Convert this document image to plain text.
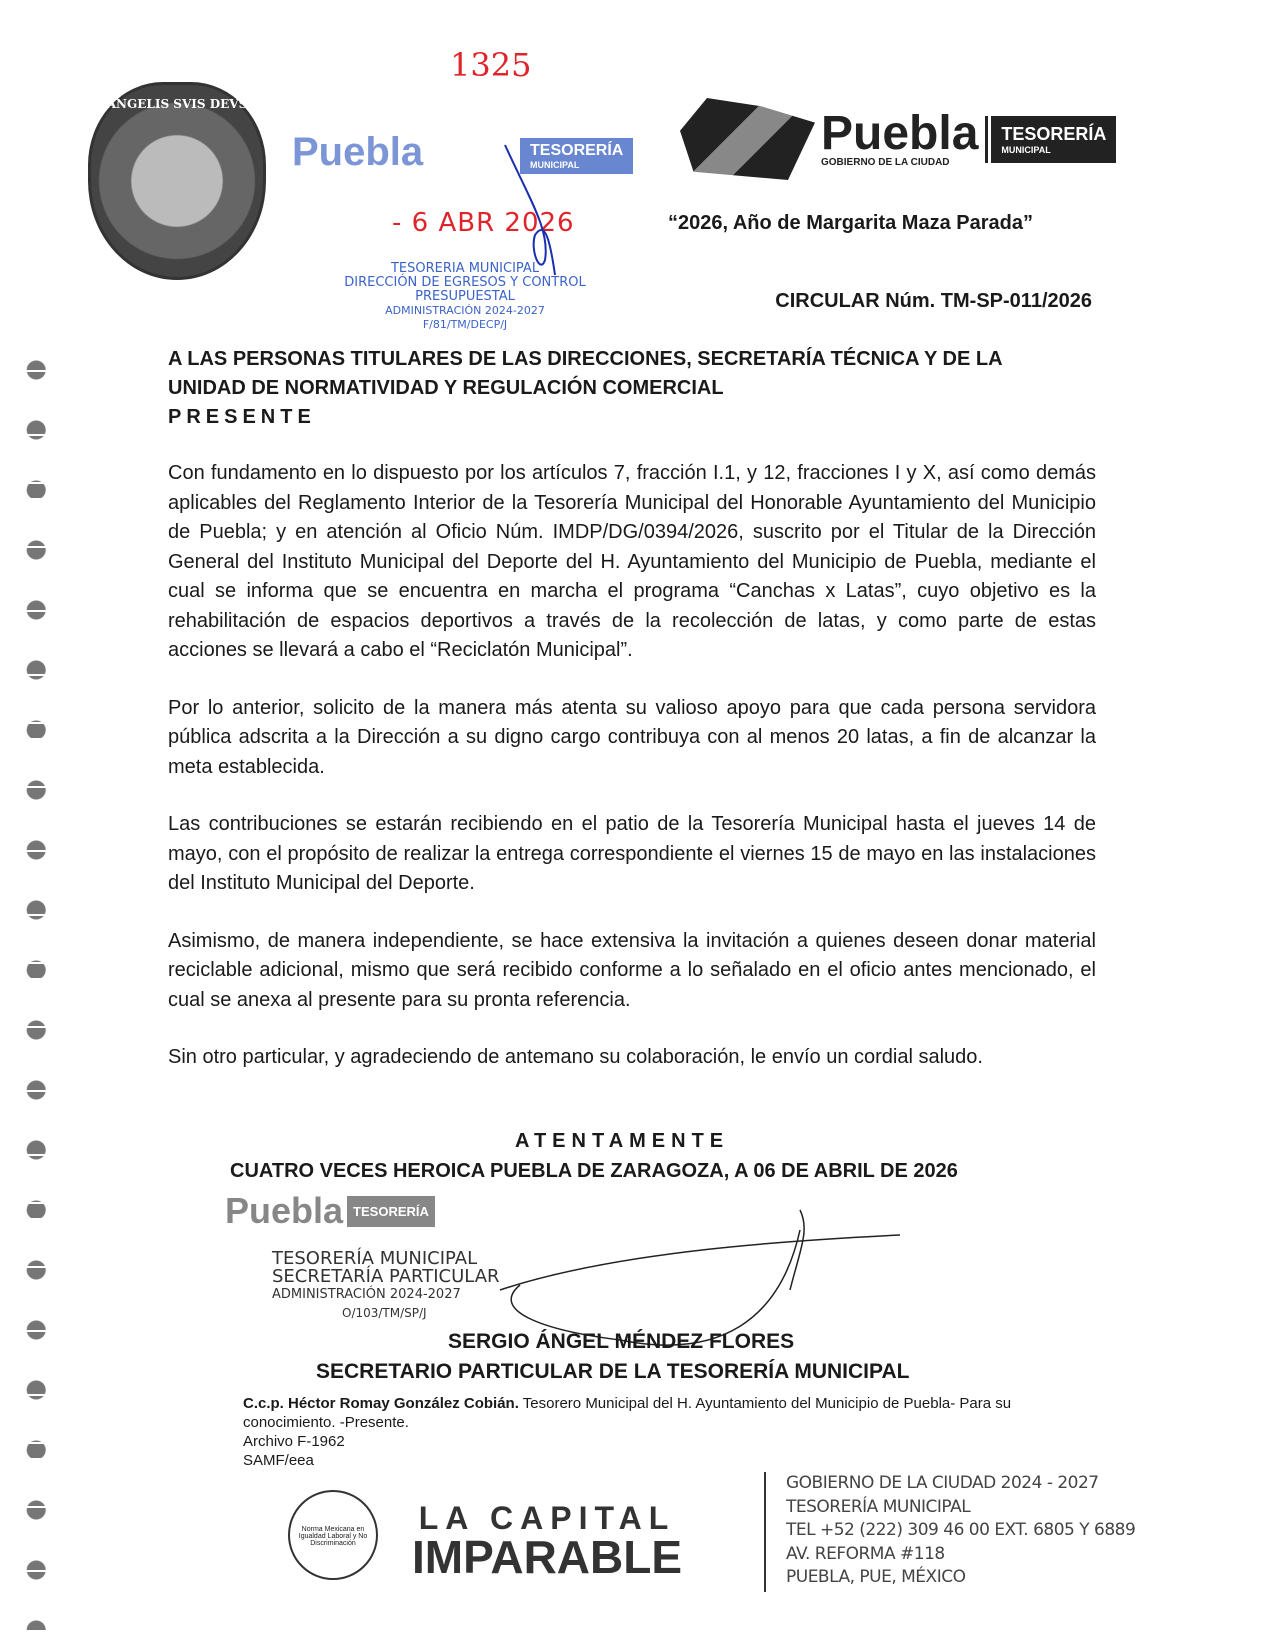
ANGELIS SVIS DEVS
1325
Puebla	TESORERÍA
MUNICIPAL
- 6 ABR 2026
TESORERIA MUNICIPAL
DIRECCIÓN DE EGRESOS Y CONTROL
PRESUPUESTAL
ADMINISTRACIÓN 2024-2027
F/81/TM/DECP/J
Puebla
GOBIERNO DE LA CIUDAD
TESORERÍA
MUNICIPAL
“2026, Año de Margarita Maza Parada”
CIRCULAR Núm. TM-SP-011/2026
A LAS PERSONAS TITULARES DE LAS DIRECCIONES, SECRETARÍA TÉCNICA Y DE LA
UNIDAD DE NORMATIVIDAD Y REGULACIÓN COMERCIAL
PRESENTE

Con fundamento en lo dispuesto por los artículos 7, fracción I.1, y 12, fracciones I y X, así como demás aplicables del Reglamento Interior de la Tesorería Municipal del Honorable Ayuntamiento del Municipio de Puebla; y en atención al Oficio Núm. IMDP/DG/0394/2026, suscrito por el Titular de la Dirección General del Instituto Municipal del Deporte del H. Ayuntamiento del Municipio de Puebla, mediante el cual se informa que se encuentra en marcha el programa “Canchas x Latas”, cuyo objetivo es la rehabilitación de espacios deportivos a través de la recolección de latas, y como parte de estas acciones se llevará a cabo el “Reciclatón Municipal”.

Por lo anterior, solicito de la manera más atenta su valioso apoyo para que cada persona servidora pública adscrita a la Dirección a su digno cargo contribuya con al menos 20 latas, a fin de alcanzar la meta establecida.

Las contribuciones se estarán recibiendo en el patio de la Tesorería Municipal hasta el jueves 14 de mayo, con el propósito de realizar la entrega correspondiente el viernes 15 de mayo en las instalaciones del Instituto Municipal del Deporte.

Asimismo, de manera independiente, se hace extensiva la invitación a quienes deseen donar material reciclable adicional, mismo que será recibido conforme a lo señalado en el oficio antes mencionado, el cual se anexa al presente para su pronta referencia.

Sin otro particular, y agradeciendo de antemano su colaboración, le envío un cordial saludo.

ATENTAMENTE
CUATRO VECES HEROICA PUEBLA DE ZARAGOZA, A 06 DE ABRIL DE 2026
Puebla TESORERÍA
TESORERÍA MUNICIPAL
SECRETARÍA PARTICULAR
ADMINISTRACIÓN 2024-2027
O/103/TM/SP/J
SERGIO ÁNGEL MÉNDEZ FLORES
SECRETARIO PARTICULAR DE LA TESORERÍA MUNICIPAL
C.c.p. Héctor Romay González Cobián. Tesorero Municipal del H. Ayuntamiento del Municipio de Puebla- Para su conocimiento. -Presente.
Archivo F-1962
SAMF/eea
Norma Mexicana en Igualdad Laboral y No Discriminación
LA CAPITAL
IMPARABLE
GOBIERNO DE LA CIUDAD 2024 - 2027
TESORERÍA MUNICIPAL
TEL +52 (222) 309 46 00 EXT. 6805 Y 6889
AV. REFORMA #118
PUEBLA, PUE, MÉXICO
